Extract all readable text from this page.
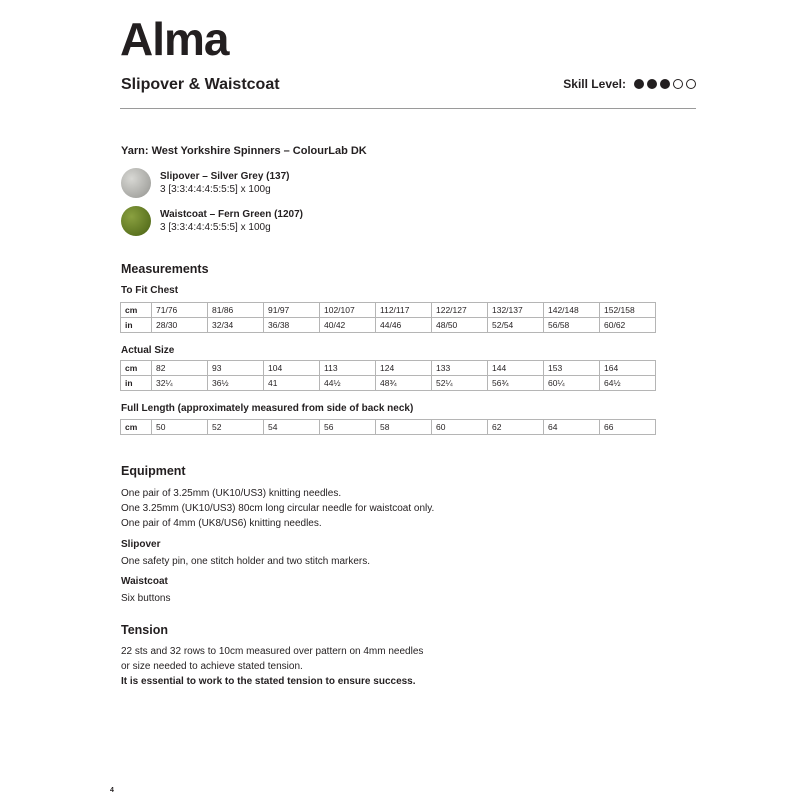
Alma
Slipover & Waistcoat	Skill Level:
Yarn: West Yorkshire Spinners – ColourLab DK
Slipover – Silver Grey (137)
3 [3:3:4:4:4:5:5:5] x 100g
Waistcoat – Fern Green (1207)
3 [3:3:4:4:4:5:5:5] x 100g
Measurements
To Fit Chest
cm	71/76	81/86	91/97	102/107	112/117	122/127	132/137	142/148	152/158
in	28/30	32/34	36/38	40/42	44/46	48/50	52/54	56/58	60/62
Actual Size
cm	82	93	104	113	124	133	144	153	164
in	32¼	36½	41	44½	48¾	52¼	56¾	60¼	64½
Full Length (approximately measured from side of back neck)
cm	50	52	54	56	58	60	62	64	66
Equipment

One pair of 3.25mm (UK10/US3) knitting needles.

One 3.25mm (UK10/US3) 80cm long circular needle for waistcoat only.

One pair of 4mm (UK8/US6) knitting needles.

Slipover
One safety pin, one stitch holder and two stitch markers.
Waistcoat
Six buttons
Tension

22 sts and 32 rows to 10cm measured over pattern on 4mm needles

or size needed to achieve stated tension.

It is essential to work to the stated tension to ensure success.

4
